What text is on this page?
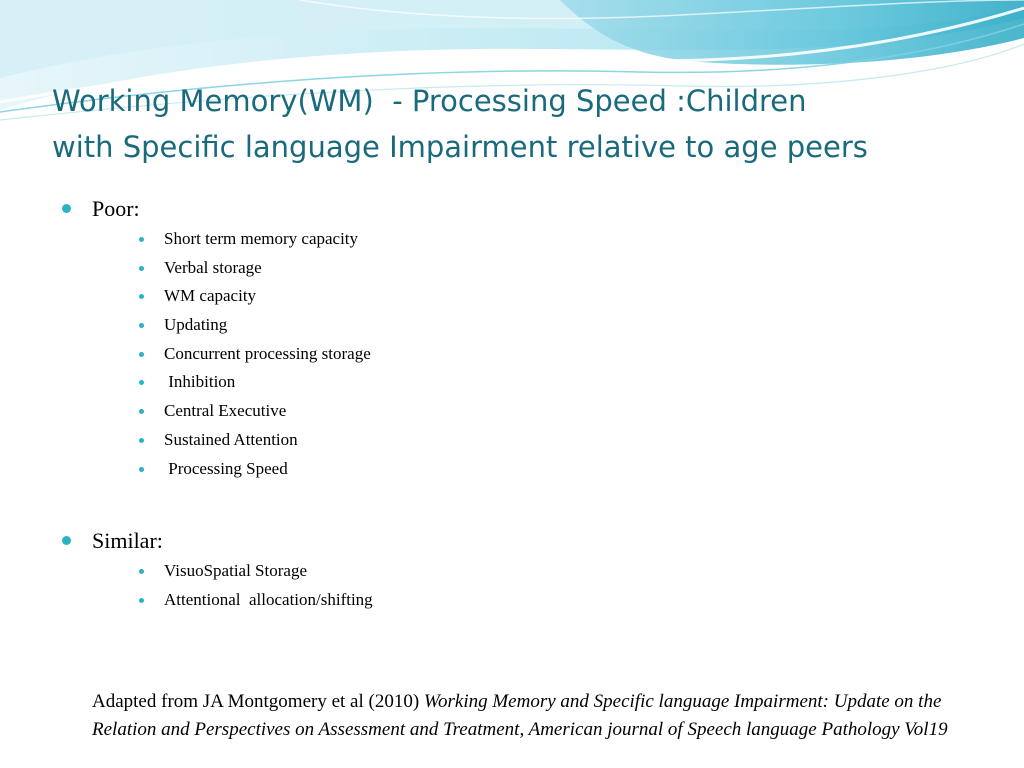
Working Memory(WM)  - Processing Speed :Children
with Specific language Impairment relative to age peers
Poor:
Short term memory capacity
Verbal storage
WM capacity
Updating
Concurrent processing storage
Inhibition
Central Executive
Sustained Attention
Processing Speed
Similar:
VisuoSpatial Storage
Attentional  allocation/shifting
Adapted from JA Montgomery et al (2010) Working Memory and Specific language Impairment: Update on the Relation and Perspectives on Assessment and Treatment, American journal of Speech language Pathology Vol19
